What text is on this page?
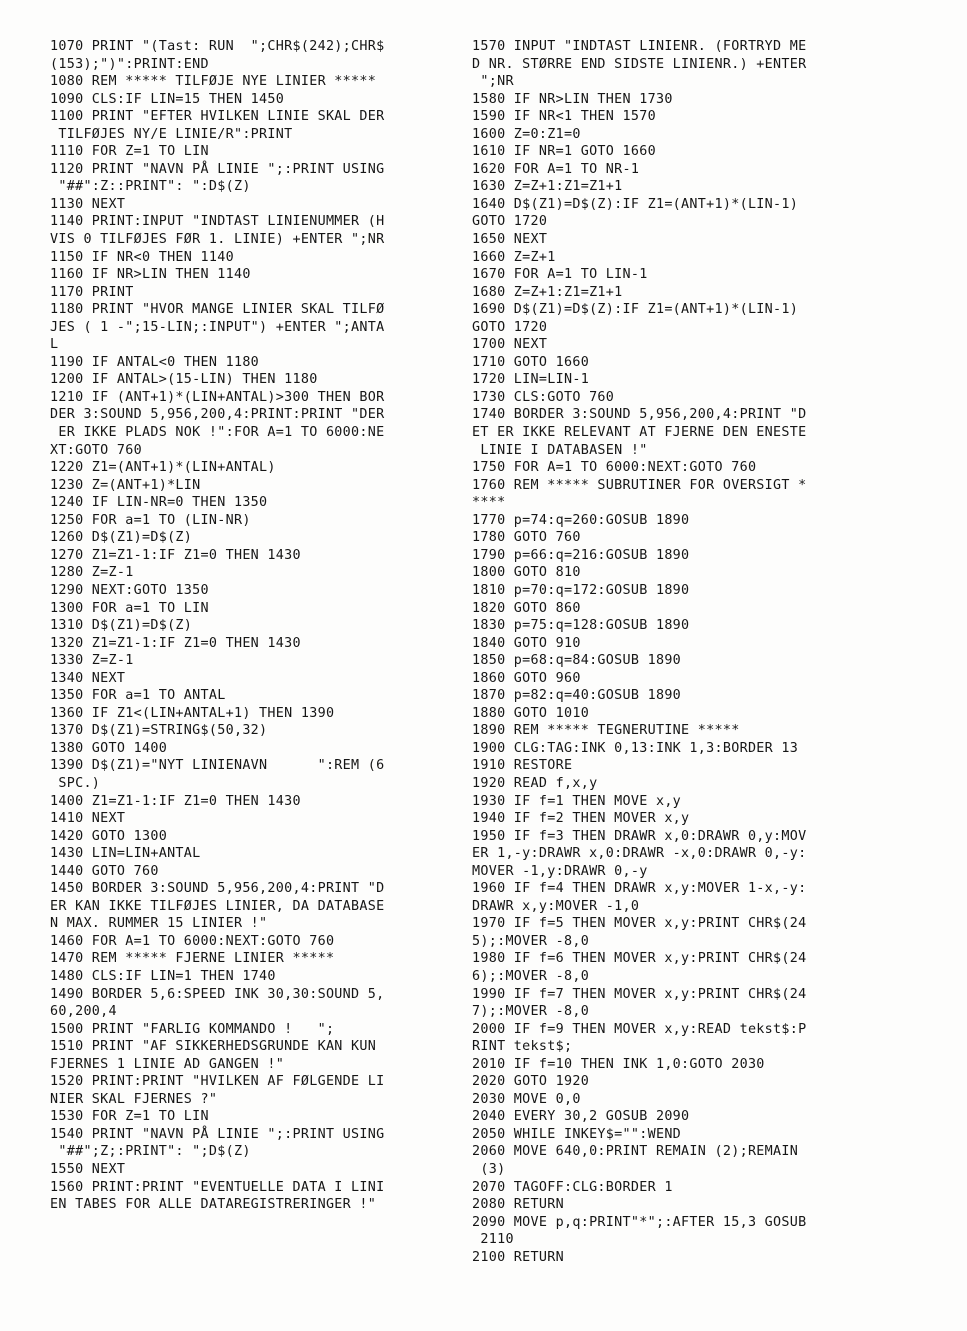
1070 PRINT "(Tast: RUN  ";CHR$(242);CHR$
(153);")":PRINT:END
1080 REM ***** TILFØJE NYE LINIER *****
1090 CLS:IF LIN=15 THEN 1450
1100 PRINT "EFTER HVILKEN LINIE SKAL DER
TILFØJES NY/E LINIE/R":PRINT
1110 FOR Z=1 TO LIN
1120 PRINT "NAVN PÅ LINIE ";:PRINT USING
"##":Z::PRINT": ":D$(Z)
1130 NEXT
1140 PRINT:INPUT "INDTAST LINIENUMMER (H
VIS 0 TILFØJES FØR 1. LINIE) +ENTER ";NR
1150 IF NR<0 THEN 1140
1160 IF NR>LIN THEN 1140
1170 PRINT
1180 PRINT "HVOR MANGE LINIER SKAL TILFØ
JES ( 1 -";15-LIN;:INPUT") +ENTER ";ANTA
L
1190 IF ANTAL<0 THEN 1180
1200 IF ANTAL>(15-LIN) THEN 1180
1210 IF (ANT+1)*(LIN+ANTAL)>300 THEN BOR
DER 3:SOUND 5,956,200,4:PRINT:PRINT "DER
ER IKKE PLADS NOK !":FOR A=1 TO 6000:NE
XT:GOTO 760
1220 Z1=(ANT+1)*(LIN+ANTAL)
1230 Z=(ANT+1)*LIN
1240 IF LIN-NR=0 THEN 1350
1250 FOR a=1 TO (LIN-NR)
1260 D$(Z1)=D$(Z)
1270 Z1=Z1-1:IF Z1=0 THEN 1430
1280 Z=Z-1
1290 NEXT:GOTO 1350
1300 FOR a=1 TO LIN
1310 D$(Z1)=D$(Z)
1320 Z1=Z1-1:IF Z1=0 THEN 1430
1330 Z=Z-1
1340 NEXT
1350 FOR a=1 TO ANTAL
1360 IF Z1<(LIN+ANTAL+1) THEN 1390
1370 D$(Z1)=STRING$(50,32)
1380 GOTO 1400
1390 D$(Z1)="NYT LINIENAVN      ":REM (6
SPC.)
1400 Z1=Z1-1:IF Z1=0 THEN 1430
1410 NEXT
1420 GOTO 1300
1430 LIN=LIN+ANTAL
1440 GOTO 760
1450 BORDER 3:SOUND 5,956,200,4:PRINT "D
ER KAN IKKE TILFØJES LINIER, DA DATABASE
N MAX. RUMMER 15 LINIER !"
1460 FOR A=1 TO 6000:NEXT:GOTO 760
1470 REM ***** FJERNE LINIER *****
1480 CLS:IF LIN=1 THEN 1740
1490 BORDER 5,6:SPEED INK 30,30:SOUND 5,
60,200,4
1500 PRINT "FARLIG KOMMANDO !   ";
1510 PRINT "AF SIKKERHEDSGRUNDE KAN KUN
FJERNES 1 LINIE AD GANGEN !"
1520 PRINT:PRINT "HVILKEN AF FØLGENDE LI
NIER SKAL FJERNES ?"
1530 FOR Z=1 TO LIN
1540 PRINT "NAVN PÅ LINIE ";:PRINT USING
"##";Z;:PRINT": ";D$(Z)
1550 NEXT
1560 PRINT:PRINT "EVENTUELLE DATA I LINI
EN TABES FOR ALLE DATAREGISTRERINGER !"
1570 INPUT "INDTAST LINIENR. (FORTRYD ME
D NR. STØRRE END SIDSTE LINIENR.) +ENTER
";NR
1580 IF NR>LIN THEN 1730
1590 IF NR<1 THEN 1570
1600 Z=0:Z1=0
1610 IF NR=1 GOTO 1660
1620 FOR A=1 TO NR-1
1630 Z=Z+1:Z1=Z1+1
1640 D$(Z1)=D$(Z):IF Z1=(ANT+1)*(LIN-1)
GOTO 1720
1650 NEXT
1660 Z=Z+1
1670 FOR A=1 TO LIN-1
1680 Z=Z+1:Z1=Z1+1
1690 D$(Z1)=D$(Z):IF Z1=(ANT+1)*(LIN-1)
GOTO 1720
1700 NEXT
1710 GOTO 1660
1720 LIN=LIN-1
1730 CLS:GOTO 760
1740 BORDER 3:SOUND 5,956,200,4:PRINT "D
ET ER IKKE RELEVANT AT FJERNE DEN ENESTE
LINIE I DATABASEN !"
1750 FOR A=1 TO 6000:NEXT:GOTO 760
1760 REM ***** SUBRUTINER FOR OVERSIGT *
****
1770 p=74:q=260:GOSUB 1890
1780 GOTO 760
1790 p=66:q=216:GOSUB 1890
1800 GOTO 810
1810 p=70:q=172:GOSUB 1890
1820 GOTO 860
1830 p=75:q=128:GOSUB 1890
1840 GOTO 910
1850 p=68:q=84:GOSUB 1890
1860 GOTO 960
1870 p=82:q=40:GOSUB 1890
1880 GOTO 1010
1890 REM ***** TEGNERUTINE *****
1900 CLG:TAG:INK 0,13:INK 1,3:BORDER 13
1910 RESTORE
1920 READ f,x,y
1930 IF f=1 THEN MOVE x,y
1940 IF f=2 THEN MOVER x,y
1950 IF f=3 THEN DRAWR x,0:DRAWR 0,y:MOV
ER 1,-y:DRAWR x,0:DRAWR -x,0:DRAWR 0,-y:
MOVER -1,y:DRAWR 0,-y
1960 IF f=4 THEN DRAWR x,y:MOVER 1-x,-y:
DRAWR x,y:MOVER -1,0
1970 IF f=5 THEN MOVER x,y:PRINT CHR$(24
5);:MOVER -8,0
1980 IF f=6 THEN MOVER x,y:PRINT CHR$(24
6);:MOVER -8,0
1990 IF f=7 THEN MOVER x,y:PRINT CHR$(24
7);:MOVER -8,0
2000 IF f=9 THEN MOVER x,y:READ tekst$:P
RINT tekst$;
2010 IF f=10 THEN INK 1,0:GOTO 2030
2020 GOTO 1920
2030 MOVE 0,0
2040 EVERY 30,2 GOSUB 2090
2050 WHILE INKEY$="":WEND
2060 MOVE 640,0:PRINT REMAIN (2);REMAIN
(3)
2070 TAGOFF:CLG:BORDER 1
2080 RETURN
2090 MOVE p,q:PRINT"*";:AFTER 15,3 GOSUB
2110
2100 RETURN
